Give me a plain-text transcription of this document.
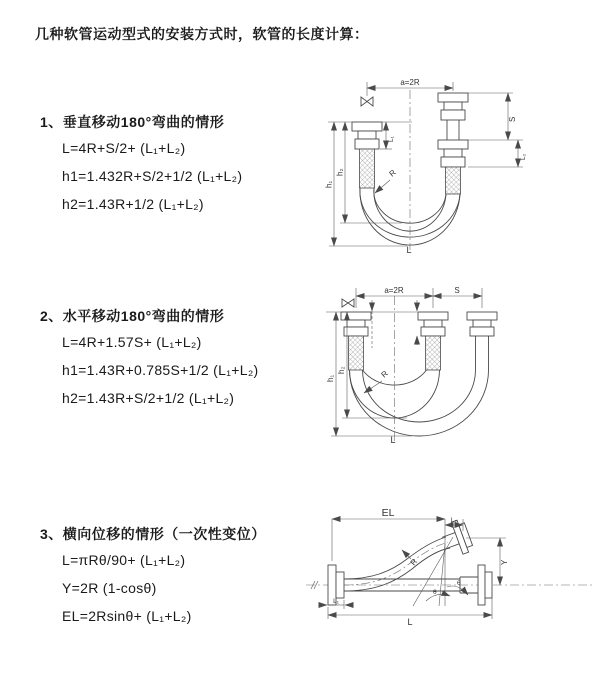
几种软管运动型式的安装方式时，软管的长度计算：
1、垂直移动180°弯曲的情形
L=4R+S/2+ (L₁+L₂)
h1=1.432R+S/2+1/2 (L₁+L₂)
h2=1.43R+1/2 (L₁+L₂)
a=2R
h₁
h₂
L₁
S
L₂
R
L
2、水平移动180°弯曲的情形
L=4R+1.57S+ (L₁+L₂)
h1=1.43R+0.785S+1/2 (L₁+L₂)
h2=1.43R+S/2+1/2 (L₁+L₂)
a=2R	S
h₁
h₂	R
L
3、横向位移的情形（一次性变位）
L=πRθ/90+ (L₁+L₂)
Y=2R (1-cosθ)
EL=2Rsinθ+ (L₁+L₂)
EL
L₂
Y
R
θ
θ
L₁
L
